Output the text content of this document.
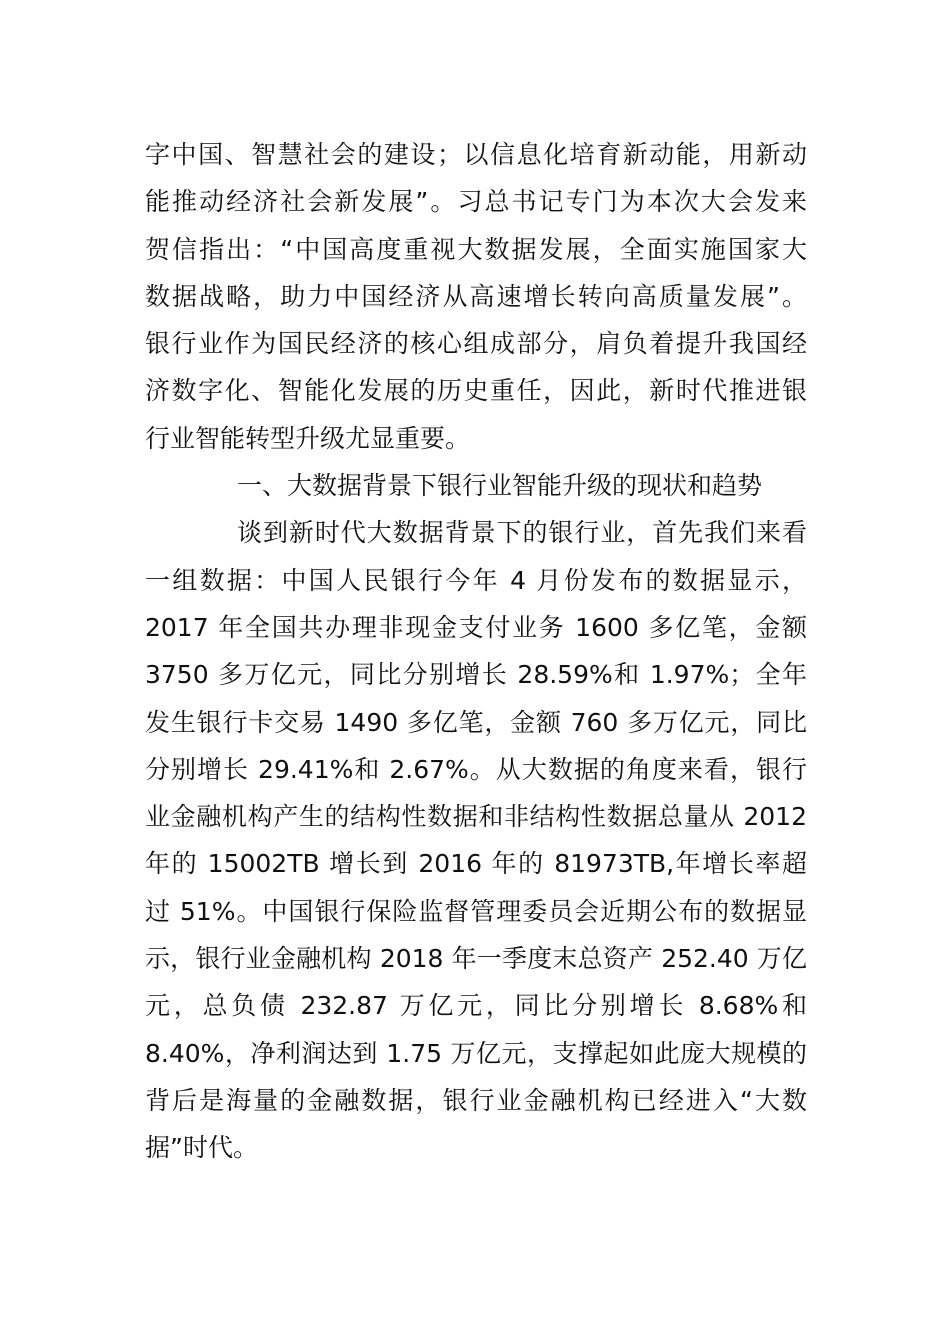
字中国、智慧社会的建设；以信息化培育新动能，用新动
能推动经济社会新发展”。习总书记专门为本次大会发来
贺信指出：“中国高度重视大数据发展，全面实施国家大
数据战略，助力中国经济从高速增长转向高质量发展”。
银行业作为国民经济的核心组成部分，肩负着提升我国经
济数字化、智能化发展的历史重任，因此，新时代推进银
行业智能转型升级尤显重要。
一、大数据背景下银行业智能升级的现状和趋势
谈到新时代大数据背景下的银行业，首先我们来看
一组数据：中国人民银行今年 4 月份发布的数据显示，
2017 年全国共办理非现金支付业务 1600 多亿笔，金额
3750 多万亿元，同比分别增长 28.59%和 1.97%；全年
发生银行卡交易 1490 多亿笔，金额 760 多万亿元，同比
分别增长 29.41%和 2.67%。从大数据的角度来看，银行
业金融机构产生的结构性数据和非结构性数据总量从 2012
年的 15002TB 增长到 2016 年的 81973TB,年增长率超
过 51%。中国银行保险监督管理委员会近期公布的数据显
示，银行业金融机构 2018 年一季度末总资产 252.40 万亿
元，总负债 232.87 万亿元，同比分别增长 8.68%和
8.40%，净利润达到 1.75 万亿元，支撑起如此庞大规模的
背后是海量的金融数据，银行业金融机构已经进入“大数
据”时代。
